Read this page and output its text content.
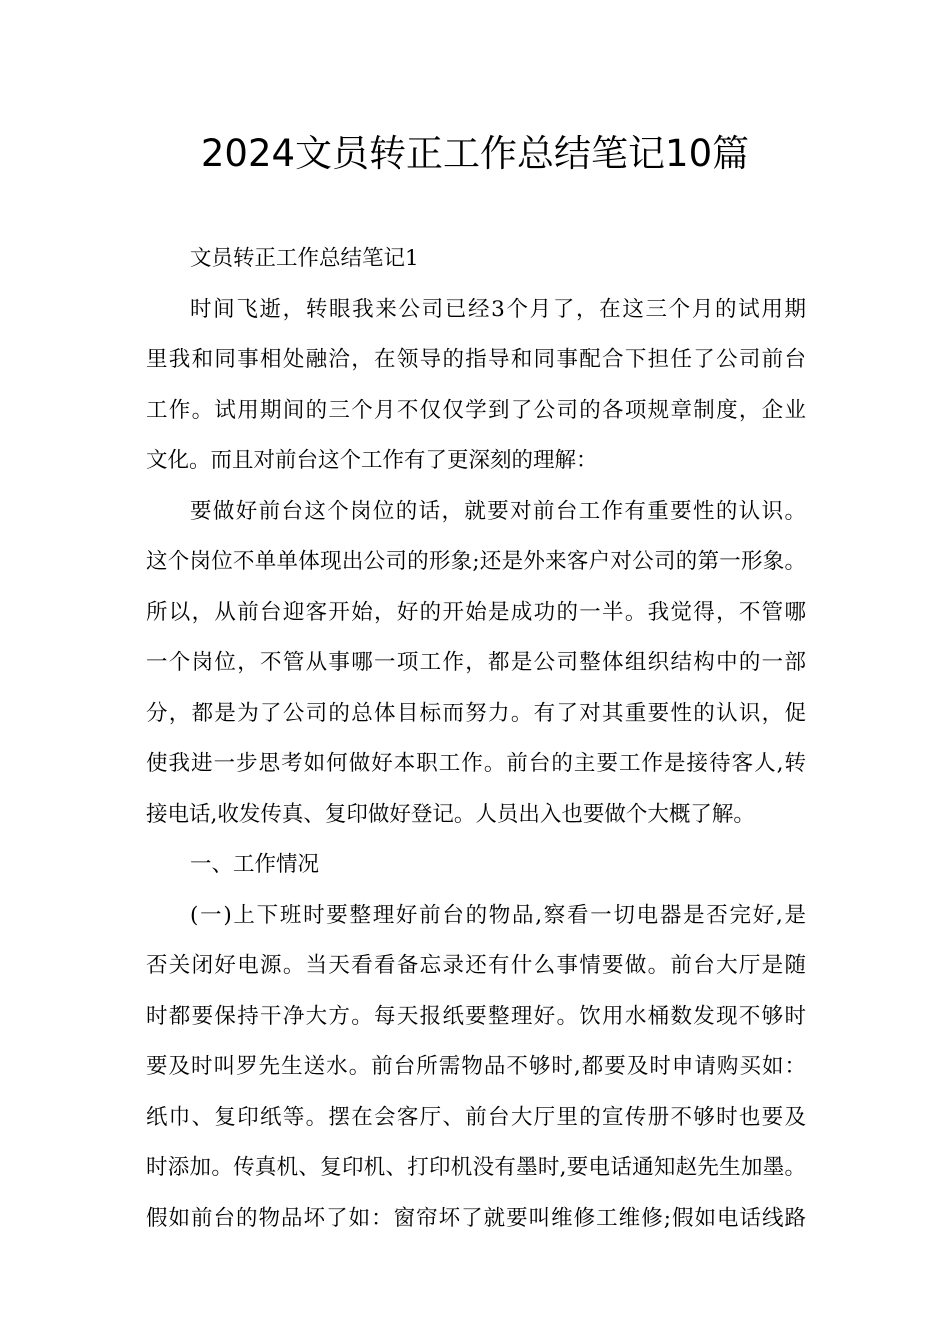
2024文员转正工作总结笔记10篇
文员转正工作总结笔记1
时间飞逝，转眼我来公司已经3个月了，在这三个月的试用期
里我和同事相处融洽，在领导的指导和同事配合下担任了公司前台
工作。试用期间的三个月不仅仅学到了公司的各项规章制度，企业
文化。而且对前台这个工作有了更深刻的理解：
要做好前台这个岗位的话，就要对前台工作有重要性的认识。
这个岗位不单单体现出公司的形象;还是外来客户对公司的第一形象。
所以，从前台迎客开始，好的开始是成功的一半。我觉得，不管哪
一个岗位，不管从事哪一项工作，都是公司整体组织结构中的一部
分，都是为了公司的总体目标而努力。有了对其重要性的认识，促
使我进一步思考如何做好本职工作。前台的主要工作是接待客人,转
接电话,收发传真、复印做好登记。人员出入也要做个大概了解。
一、工作情况
(一)上下班时要整理好前台的物品,察看一切电器是否完好,是
否关闭好电源。当天看看备忘录还有什么事情要做。前台大厅是随
时都要保持干净大方。每天报纸要整理好。饮用水桶数发现不够时
要及时叫罗先生送水。前台所需物品不够时,都要及时申请购买如：
纸巾、复印纸等。摆在会客厅、前台大厅里的宣传册不够时也要及
时添加。传真机、复印机、打印机没有墨时,要电话通知赵先生加墨。
假如前台的物品坏了如：窗帘坏了就要叫维修工维修;假如电话线路
